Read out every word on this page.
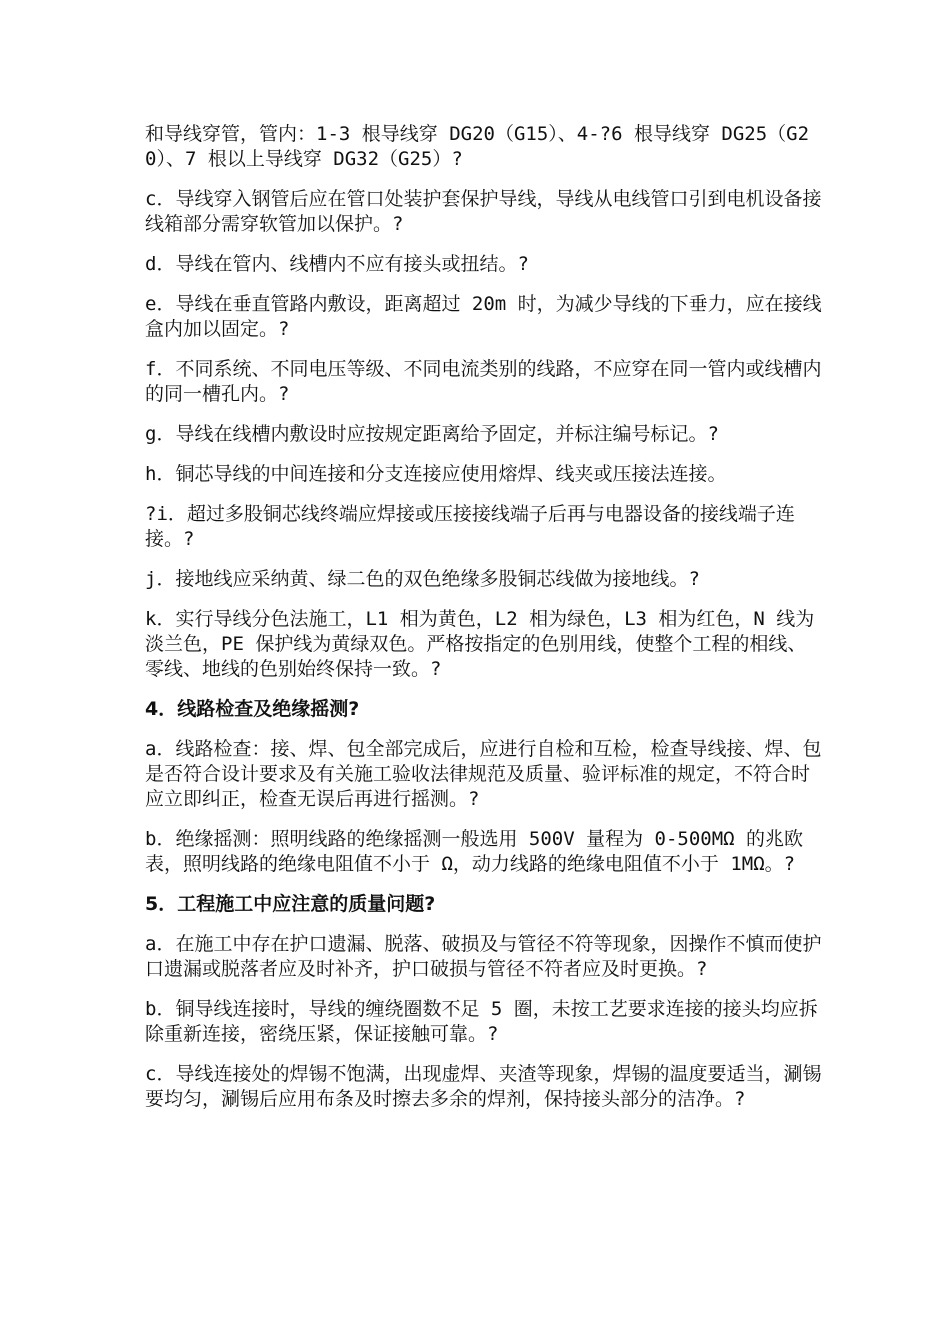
和导线穿管，管内：1-3 根导线穿 DG20（G15）、4-?6 根导线穿 DG25（G20）、7 根以上导线穿 DG32（G25）?

c．导线穿入钢管后应在管口处装护套保护导线，导线从电线管口引到电机设备接线箱部分需穿软管加以保护。?

d．导线在管内、线槽内不应有接头或扭结。?

e．导线在垂直管路内敷设，距离超过 20m 时，为减少导线的下垂力，应在接线盒内加以固定。?

f．不同系统、不同电压等级、不同电流类别的线路，不应穿在同一管内或线槽内的同一槽孔内。?

g．导线在线槽内敷设时应按规定距离给予固定，并标注编号标记。?

h．铜芯导线的中间连接和分支连接应使用熔焊、线夹或压接法连接。

?i．超过多股铜芯线终端应焊接或压接接线端子后再与电器设备的接线端子连接。?

j．接地线应采纳黄、绿二色的双色绝缘多股铜芯线做为接地线。?

k．实行导线分色法施工，L1 相为黄色，L2 相为绿色，L3 相为红色，N 线为淡兰色，PE 保护线为黄绿双色。严格按指定的色别用线，使整个工程的相线、零线、地线的色别始终保持一致。?

4．线路检查及绝缘摇测?

a．线路检查：接、焊、包全部完成后，应进行自检和互检，检查导线接、焊、包是否符合设计要求及有关施工验收法律规范及质量、验评标准的规定，不符合时应立即纠正，检查无误后再进行摇测。?

b．绝缘摇测：照明线路的绝缘摇测一般选用 500V 量程为 0-500MΩ 的兆欧表，照明线路的绝缘电阻值不小于 Ω，动力线路的绝缘电阻值不小于 1MΩ。?

5．工程施工中应注意的质量问题?

a．在施工中存在护口遗漏、脱落、破损及与管径不符等现象，因操作不慎而使护口遗漏或脱落者应及时补齐，护口破损与管径不符者应及时更换。?

b．铜导线连接时，导线的缠绕圈数不足 5 圈，未按工艺要求连接的接头均应拆除重新连接，密绕压紧，保证接触可靠。?

c．导线连接处的焊锡不饱满，出现虚焊、夹渣等现象，焊锡的温度要适当，涮锡要均匀，涮锡后应用布条及时擦去多余的焊剂，保持接头部分的洁净。?
